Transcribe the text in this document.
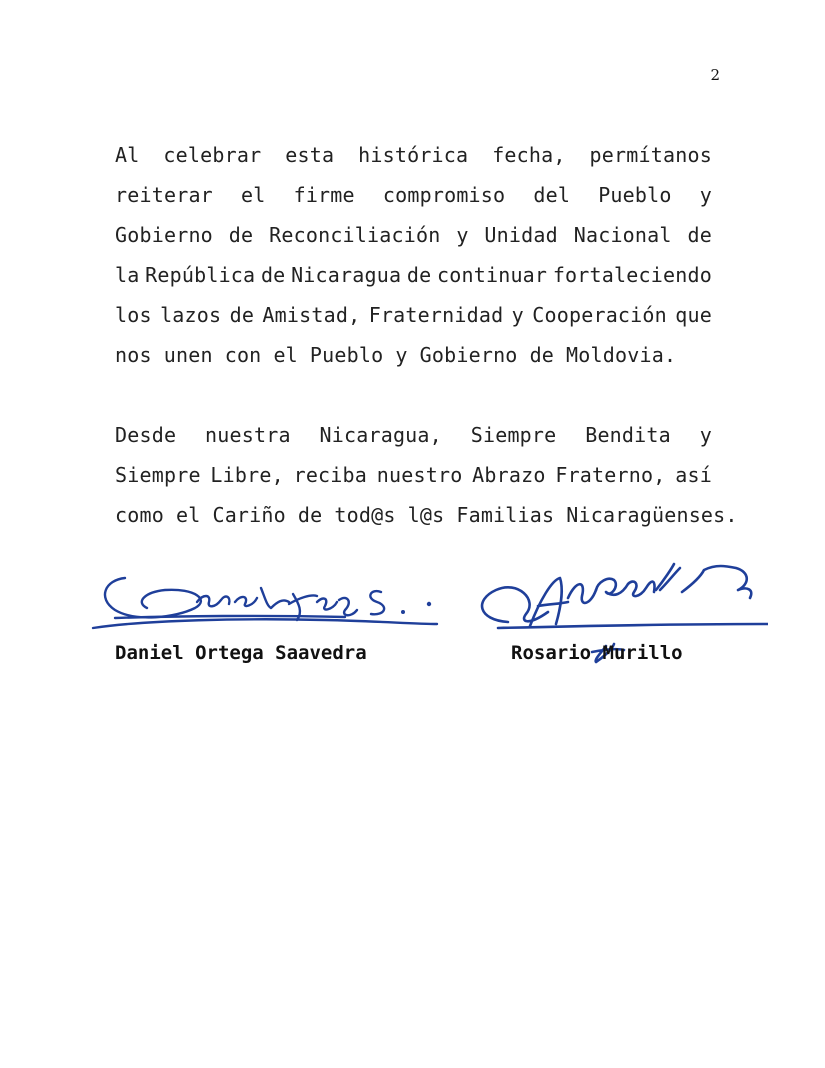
2
Al celebrar esta histórica fecha, permítanos
reiterar el firme compromiso del Pueblo y
Gobierno de Reconciliación y Unidad Nacional de
la República de Nicaragua de continuar fortaleciendo
los lazos de Amistad, Fraternidad y Cooperación que
nos unen con el Pueblo y Gobierno de Moldovia.
Desde nuestra Nicaragua, Siempre Bendita y
Siempre Libre, reciba nuestro Abrazo Fraterno, así
como el Cariño de tod@s l@s Familias Nicaragüenses.
Daniel Ortega Saavedra	Rosario Murillo
